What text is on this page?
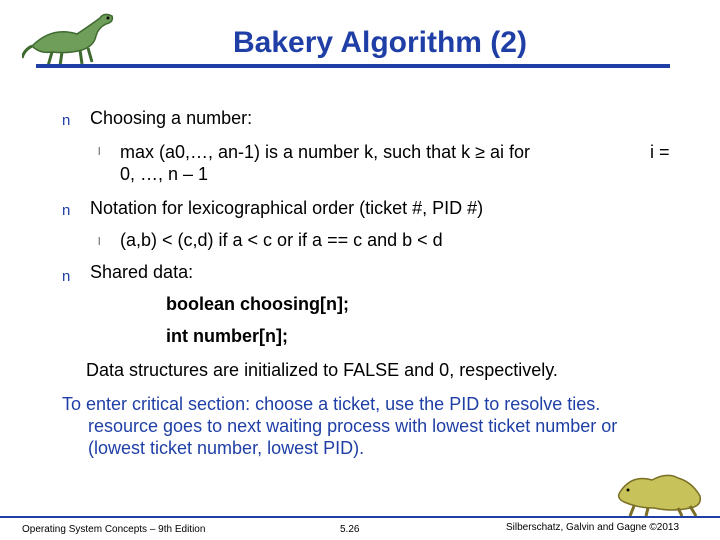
Bakery Algorithm (2)
n Choosing a number:
l max (a0,…, an-1) is a number k, such that k ≥ ai for	i =
0, …, n – 1
n Notation for lexicographical order (ticket #, PID #)
l (a,b) < (c,d) if a < c or if a == c and b < d
n Shared data:
boolean choosing[n];
int number[n];
Data structures are initialized to FALSE and 0, respectively.
To enter critical section: choose a ticket, use the PID to resolve ties.
resource goes to next waiting process with lowest ticket number or
(lowest ticket number, lowest PID).
Operating System Concepts – 9th Edition	5.26	Silberschatz, Galvin and Gagne ©2013
